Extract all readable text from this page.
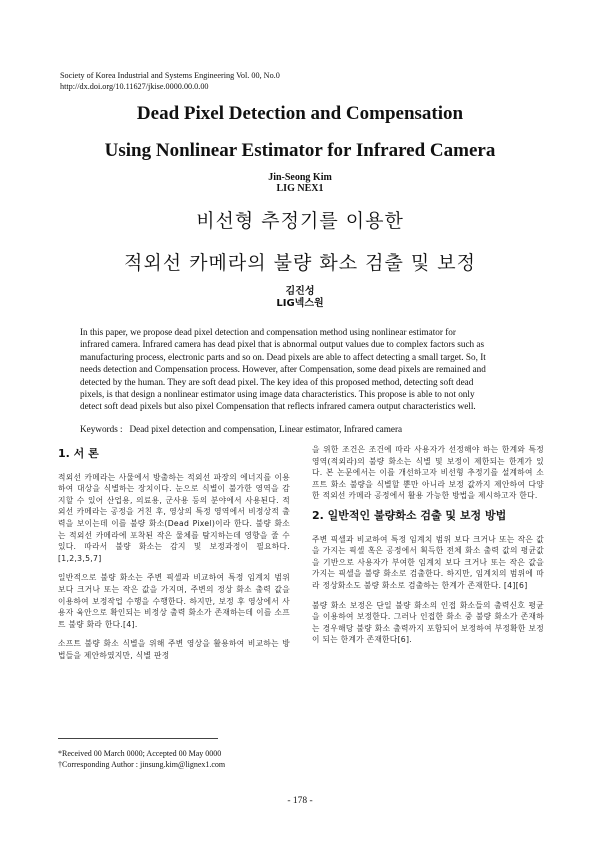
Society of Korea Industrial and Systems Engineering Vol. 00, No.0
http://dx.doi.org/10.11627/jkise.0000.00.0.00
Dead Pixel Detection and Compensation
Using Nonlinear Estimator for Infrared Camera
Jin-Seong Kim
LIG NEX1
비선형 추정기를 이용한
적외선 카메라의 불량 화소 검출 및 보정
김진성
LIG넥스원
In this paper, we propose dead pixel detection and compensation method using nonlinear estimator for
infrared camera. Infrared camera has dead pixel that is abnormal output values due to complex factors such as
manufacturing process, electronic parts and so on. Dead pixels are able to affect detecting a small target. So, It
needs detection and Compensation process. However, after Compensation, some dead pixels are remained and
detected by the human. They are soft dead pixel. The key idea of this proposed method, detecting soft dead
pixels, is that design a nonlinear estimator using image data characteristics. This propose is able to not only
detect soft dead pixels but also pixel Compensation that reflects infrared camera output characteristics well.
Keywords : Dead pixel detection and compensation, Linear estimator, Infrared camera
1. 서 론

적외선 카메라는 사물에서 방출하는 적외선 파장의 에너지를 이용하여 대상을 식별하는 장치이다. 눈으로 식별이 불가한 영역을 감지할 수 있어 산업용, 의료용, 군사용 등의 분야에서 사용된다. 적외선 카메라는 공정을 거친 후, 영상의 특정 영역에서 비정상적 출력을 보이는데 이를 불량 화소(Dead Pixel)이라 한다. 불량 화소는 적외선 카메라에 포착된 작은 물체를 탐지하는데 영향을 줄 수 있다. 따라서 불량 화소는 감지 및 보정과정이 필요하다.[1,2,3,5,7]

일반적으로 불량 화소는 주변 픽셀과 비교하여 특정 임계치 범위 보다 크거나 또는 작은 값을 가지며, 주변의 정상 화소 출력 값을 이용하여 보정작업 수행을 수행한다. 하지만, 보정 후 영상에서 사용자 육안으로 확인되는 비정상 출력 화소가 존재하는데 이를 소프트 불량 화라 한다.[4].

소프트 불량 화소 식별을 위해 주변 영상을 활용하여 비교하는 방법들을 제안하였지만, 식별 판정

을 위한 조건은 조건에 따라 사용자가 선정해야 하는 한계와 특정 영역(적외라)의 불량 화소는 식별 및 보정이 제한되는 한계가 있다. 본 논문에서는 이를 개선하고자 비선형 추정기를 설계하여 소프트 화소 불량을 식별할 뿐만 아니라 보정 값까지 제안하여 다양한 적외선 카메라 공정에서 활용 가능한 방법을 제시하고자 한다.

2. 일반적인 불량화소 검출 및 보정 방법

주변 픽셀과 비교하여 특정 임계치 범위 보다 크거나 또는 작은 값을 가지는 픽셀 혹은 공정에서 획득한 전체 화소 출력 값의 평균값을 기반으로 사용자가 부여한 임계치 보다 크거나 또는 작은 값을 가지는 픽셀을 불량 화소로 검출한다. 하지만, 임계치의 범위에 따라 정상화소도 불량 화소로 검출하는 한계가 존재한다. [4][6]

불량 화소 보정은 단일 불량 화소의 인접 화소들의 출력신호 평균을 이용하여 보정한다. 그러나 인접한 화소 중 불량 화소가 존재하는 경우해당 불량 화소 출력까지 포함되어 보정하여 부정확한 보정이 되는 한계가 존재한다[6].

*Received 00 March 0000; Accepted 00 May 0000
†Corresponding Author : jinsung.kim@lignex1.com
- 178 -
